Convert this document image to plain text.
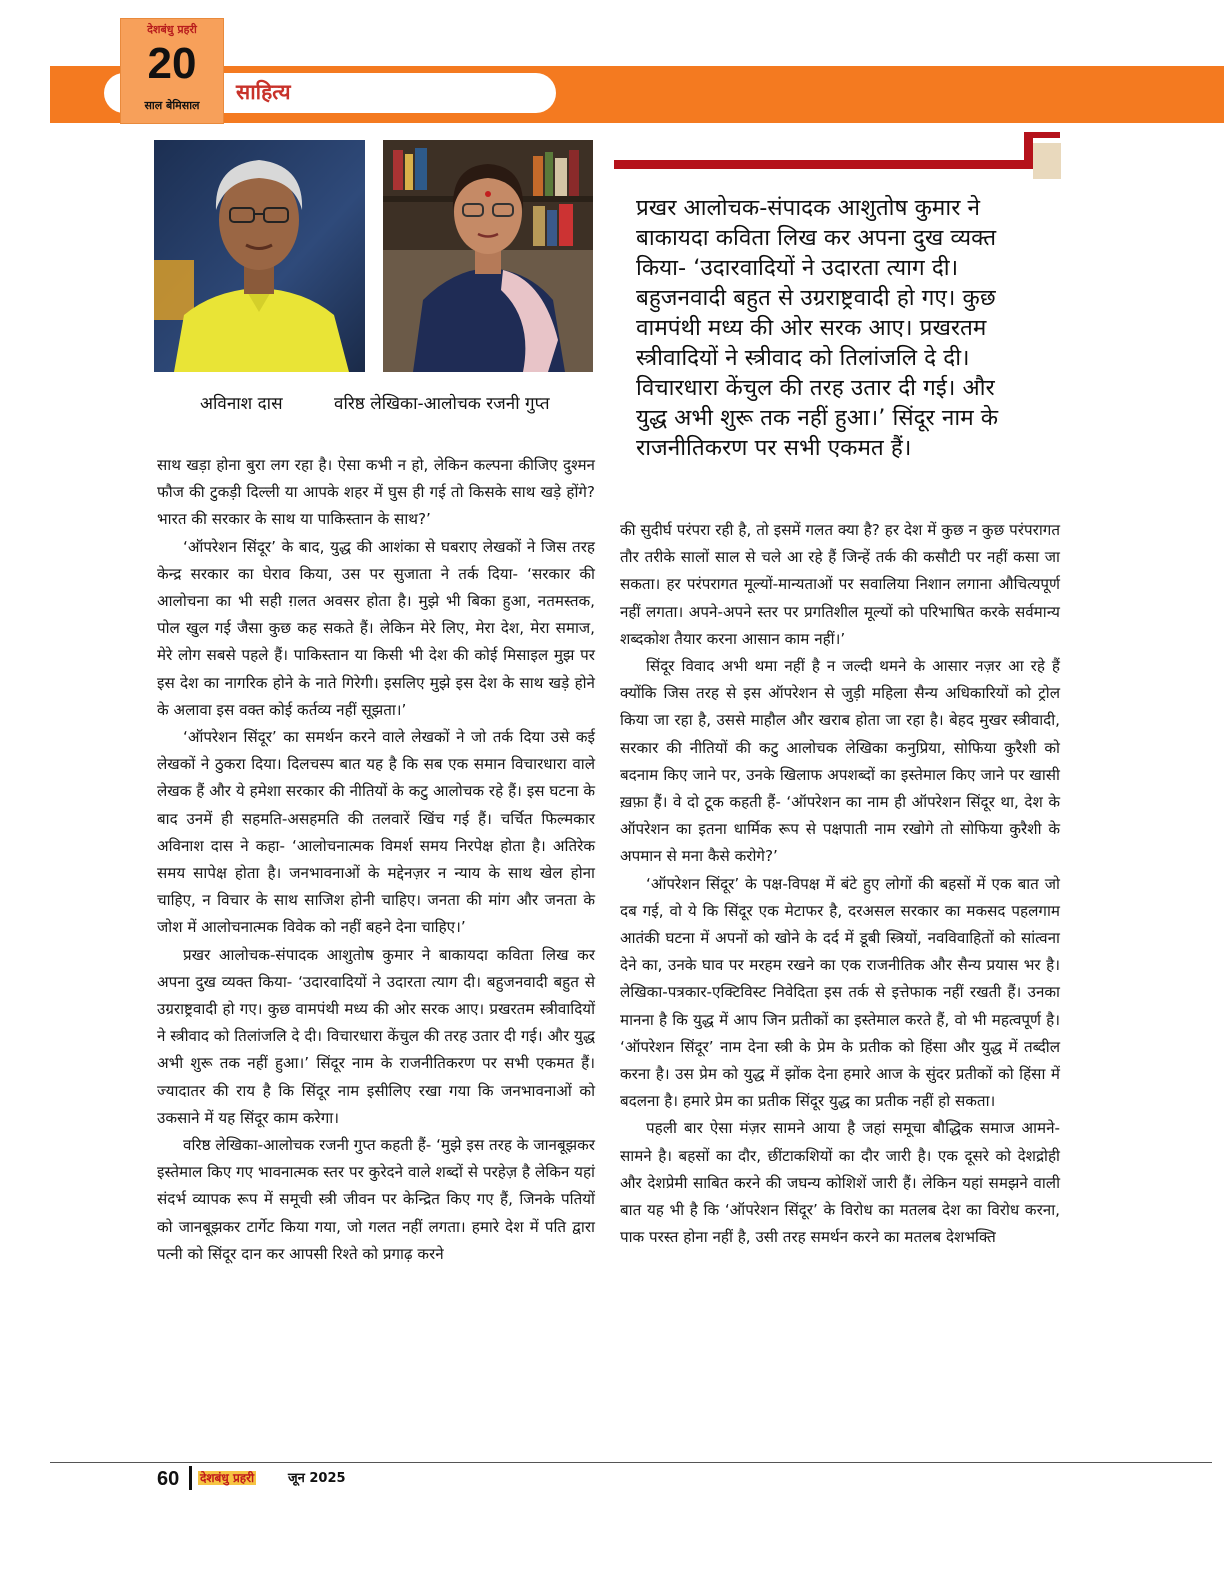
साहित्य
देशबंधु प्रहरी
20
साल बेमिसाल
अविनाश दास	वरिष्ठ लेखिका-आलोचक रजनी गुप्त
प्रखर आलोचक-संपादक आशुतोष कुमार ने
बाकायदा कविता लिख कर अपना दुख व्यक्त
किया- ‘उदारवादियों ने उदारता त्याग दी।
बहुजनवादी बहुत से उग्रराष्ट्रवादी हो गए। कुछ
वामपंथी मध्य की ओर सरक आए। प्रखरतम
स्त्रीवादियों ने स्त्रीवाद को तिलांजलि दे दी।
विचारधारा केंचुल की तरह उतार दी गई। और
युद्ध अभी शुरू तक नहीं हुआ।’ सिंदूर नाम के
राजनीतिकरण पर सभी एकमत हैं।

साथ खड़ा होना बुरा लग रहा है। ऐसा कभी न हो, लेकिन कल्पना कीजिए दुश्मन फौज की टुकड़ी दिल्ली या आपके शहर में घुस ही गई तो किसके साथ खड़े होंगे? भारत की सरकार के साथ या पाकिस्तान के साथ?’

‘ऑपरेशन सिंदूर’ के बाद, युद्ध की आशंका से घबराए लेखकों ने जिस तरह केन्द्र सरकार का घेराव किया, उस पर सुजाता ने तर्क दिया- ‘सरकार की आलोचना का भी सही ग़लत अवसर होता है। मुझे भी बिका हुआ, नतमस्तक, पोल खुल गई जैसा कुछ कह सकते हैं। लेकिन मेरे लिए, मेरा देश, मेरा समाज, मेरे लोग सबसे पहले हैं। पाकिस्तान या किसी भी देश की कोई मिसाइल मुझ पर इस देश का नागरिक होने के नाते गिरेगी। इसलिए मुझे इस देश के साथ खड़े होने के अलावा इस वक्त कोई कर्तव्य नहीं सूझता।’

‘ऑपरेशन सिंदूर’ का समर्थन करने वाले लेखकों ने जो तर्क दिया उसे कई लेखकों ने ठुकरा दिया। दिलचस्प बात यह है कि सब एक समान विचारधारा वाले लेखक हैं और ये हमेशा सरकार की नीतियों के कटु आलोचक रहे हैं। इस घटना के बाद उनमें ही सहमति-असहमति की तलवारें खिंच गई हैं। चर्चित फिल्मकार अविनाश दास ने कहा- ‘आलोचनात्मक विमर्श समय निरपेक्ष होता है। अतिरेक समय सापेक्ष होता है। जनभावनाओं के मद्देनज़र न न्याय के साथ खेल होना चाहिए, न विचार के साथ साजिश होनी चाहिए। जनता की मांग और जनता के जोश में आलोचनात्मक विवेक को नहीं बहने देना चाहिए।’

प्रखर आलोचक-संपादक आशुतोष कुमार ने बाकायदा कविता लिख कर अपना दुख व्यक्त किया- ‘उदारवादियों ने उदारता त्याग दी। बहुजनवादी बहुत से उग्रराष्ट्रवादी हो गए। कुछ वामपंथी मध्य की ओर सरक आए। प्रखरतम स्त्रीवादियों ने स्त्रीवाद को तिलांजलि दे दी। विचारधारा केंचुल की तरह उतार दी गई। और युद्ध अभी शुरू तक नहीं हुआ।’ सिंदूर नाम के राजनीतिकरण पर सभी एकमत हैं। ज्यादातर की राय है कि सिंदूर नाम इसीलिए रखा गया कि जनभावनाओं को उकसाने में यह सिंदूर काम करेगा।

वरिष्ठ लेखिका-आलोचक रजनी गुप्त कहती हैं- ‘मुझे इस तरह के जानबूझकर इस्तेमाल किए गए भावनात्मक स्तर पर कुरेदने वाले शब्दों से परहेज़ है लेकिन यहां संदर्भ व्यापक रूप में समूची स्त्री जीवन पर केन्द्रित किए गए हैं, जिनके पतियों को जानबूझकर टार्गेट किया गया, जो गलत नहीं लगता। हमारे देश में पति द्वारा पत्नी को सिंदूर दान कर आपसी रिश्ते को प्रगाढ़ करने

की सुदीर्घ परंपरा रही है, तो इसमें गलत क्या है? हर देश में कुछ न कुछ परंपरागत तौर तरीके सालों साल से चले आ रहे हैं जिन्हें तर्क की कसौटी पर नहीं कसा जा सकता। हर परंपरागत मूल्यों-मान्यताओं पर सवालिया निशान लगाना औचित्यपूर्ण नहीं लगता। अपने-अपने स्तर पर प्रगतिशील मूल्यों को परिभाषित करके सर्वमान्य शब्दकोश तैयार करना आसान काम नहीं।’

सिंदूर विवाद अभी थमा नहीं है न जल्दी थमने के आसार नज़र आ रहे हैं क्योंकि जिस तरह से इस ऑपरेशन से जुड़ी महिला सैन्य अधिकारियों को ट्रोल किया जा रहा है, उससे माहौल और खराब होता जा रहा है। बेहद मुखर स्त्रीवादी, सरकार की नीतियों की कटु आलोचक लेखिका कनुप्रिया, सोफिया कुरैशी को बदनाम किए जाने पर, उनके खिलाफ अपशब्दों का इस्तेमाल किए जाने पर खासी ख़फ़ा हैं। वे दो टूक कहती हैं- ‘ऑपरेशन का नाम ही ऑपरेशन सिंदूर था, देश के ऑपरेशन का इतना धार्मिक रूप से पक्षपाती नाम रखोगे तो सोफिया कुरैशी के अपमान से मना कैसे करोगे?’

‘ऑपरेशन सिंदूर’ के पक्ष-विपक्ष में बंटे हुए लोगों की बहसों में एक बात जो दब गई, वो ये कि सिंदूर एक मेटाफर है, दरअसल सरकार का मकसद पहलगाम आतंकी घटना में अपनों को खोने के दर्द में डूबी स्त्रियों, नवविवाहितों को सांत्वना देने का, उनके घाव पर मरहम रखने का एक राजनीतिक और सैन्य प्रयास भर है। लेखिका-पत्रकार-एक्टिविस्ट निवेदिता इस तर्क से इत्तेफाक नहीं रखती हैं। उनका मानना है कि युद्ध में आप जिन प्रतीकों का इस्तेमाल करते हैं, वो भी महत्वपूर्ण है। ‘ऑपरेशन सिंदूर’ नाम देना स्त्री के प्रेम के प्रतीक को हिंसा और युद्ध में तब्दील करना है। उस प्रेम को युद्ध में झोंक देना हमारे आज के सुंदर प्रतीकों को हिंसा में बदलना है। हमारे प्रेम का प्रतीक सिंदूर युद्ध का प्रतीक नहीं हो सकता।

पहली बार ऐसा मंज़र सामने आया है जहां समूचा बौद्धिक समाज आमने-सामने है। बहसों का दौर, छींटाकशियों का दौर जारी है। एक दूसरे को देशद्रोही और देशप्रेमी साबित करने की जघन्य कोशिशें जारी हैं। लेकिन यहां समझने वाली बात यह भी है कि ‘ऑपरेशन सिंदूर’ के विरोध का मतलब देश का विरोध करना, पाक परस्त होना नहीं है, उसी तरह समर्थन करने का मतलब देशभक्ति

60 देशबंधु प्रहरी	जून 2025
